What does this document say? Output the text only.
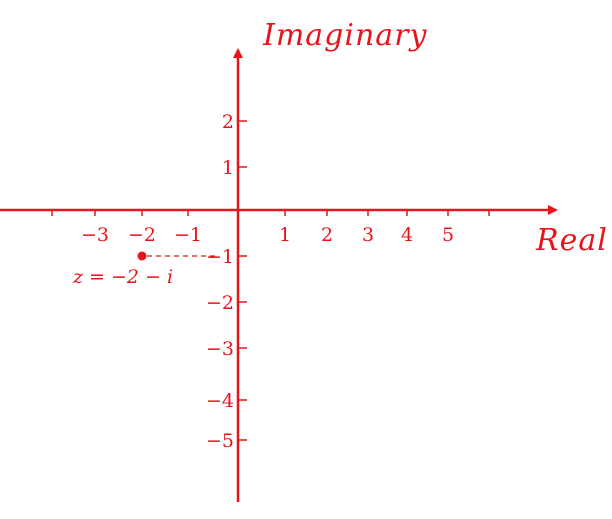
Imaginary
Real
−3 −2 −1	1 2 3 4 5
2
1
−1
−2
−3
−4
−5
z = −2 − i
